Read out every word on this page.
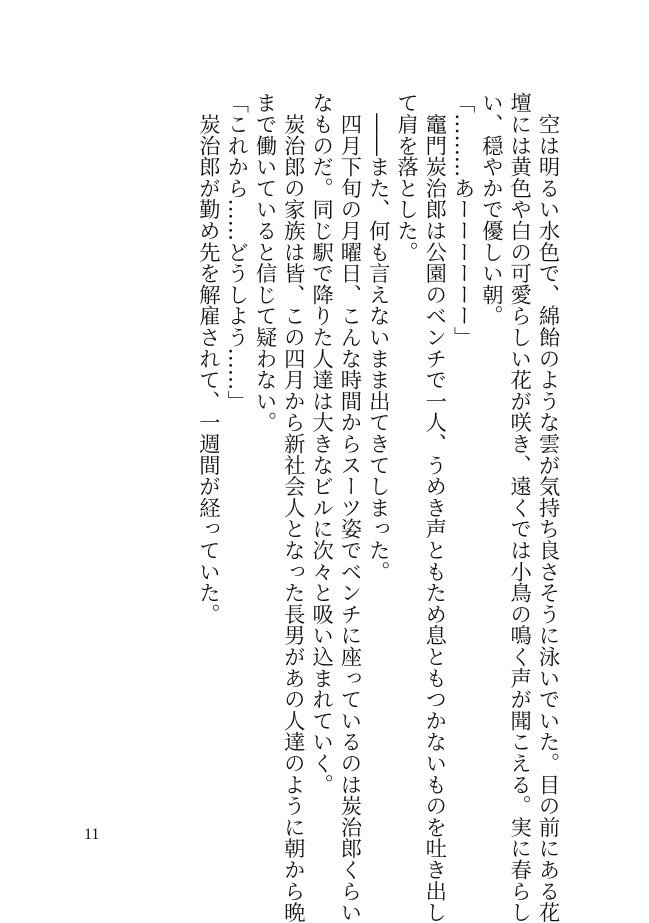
　空は明るい水色で、綿飴のような雲が気持ち良さそうに泳いでいた。目の前にある花

壇には黄色や白の可愛らしい花が咲き、遠くでは小鳥の鳴く声が聞こえる。実に春らし

い、穏やかで優しい朝。

「………あーーーーーー」

　竈門炭治郎は公園のベンチで一人、うめき声ともため息ともつかないものを吐き出し

て肩を落とした。

　――また、何も言えないまま出てきてしまった。

　四月下旬の月曜日、こんな時間からスーツ姿でベンチに座っているのは炭治郎くらい

なものだ。同じ駅で降りた人達は大きなビルに次々と吸い込まれていく。

　炭治郎の家族は皆、この四月から新社会人となった長男があの人達のように朝から晩

まで働いていると信じて疑わない。

「これから……どうしよう……」

　炭治郎が勤め先を解雇されて、一週間が経っていた。

11
